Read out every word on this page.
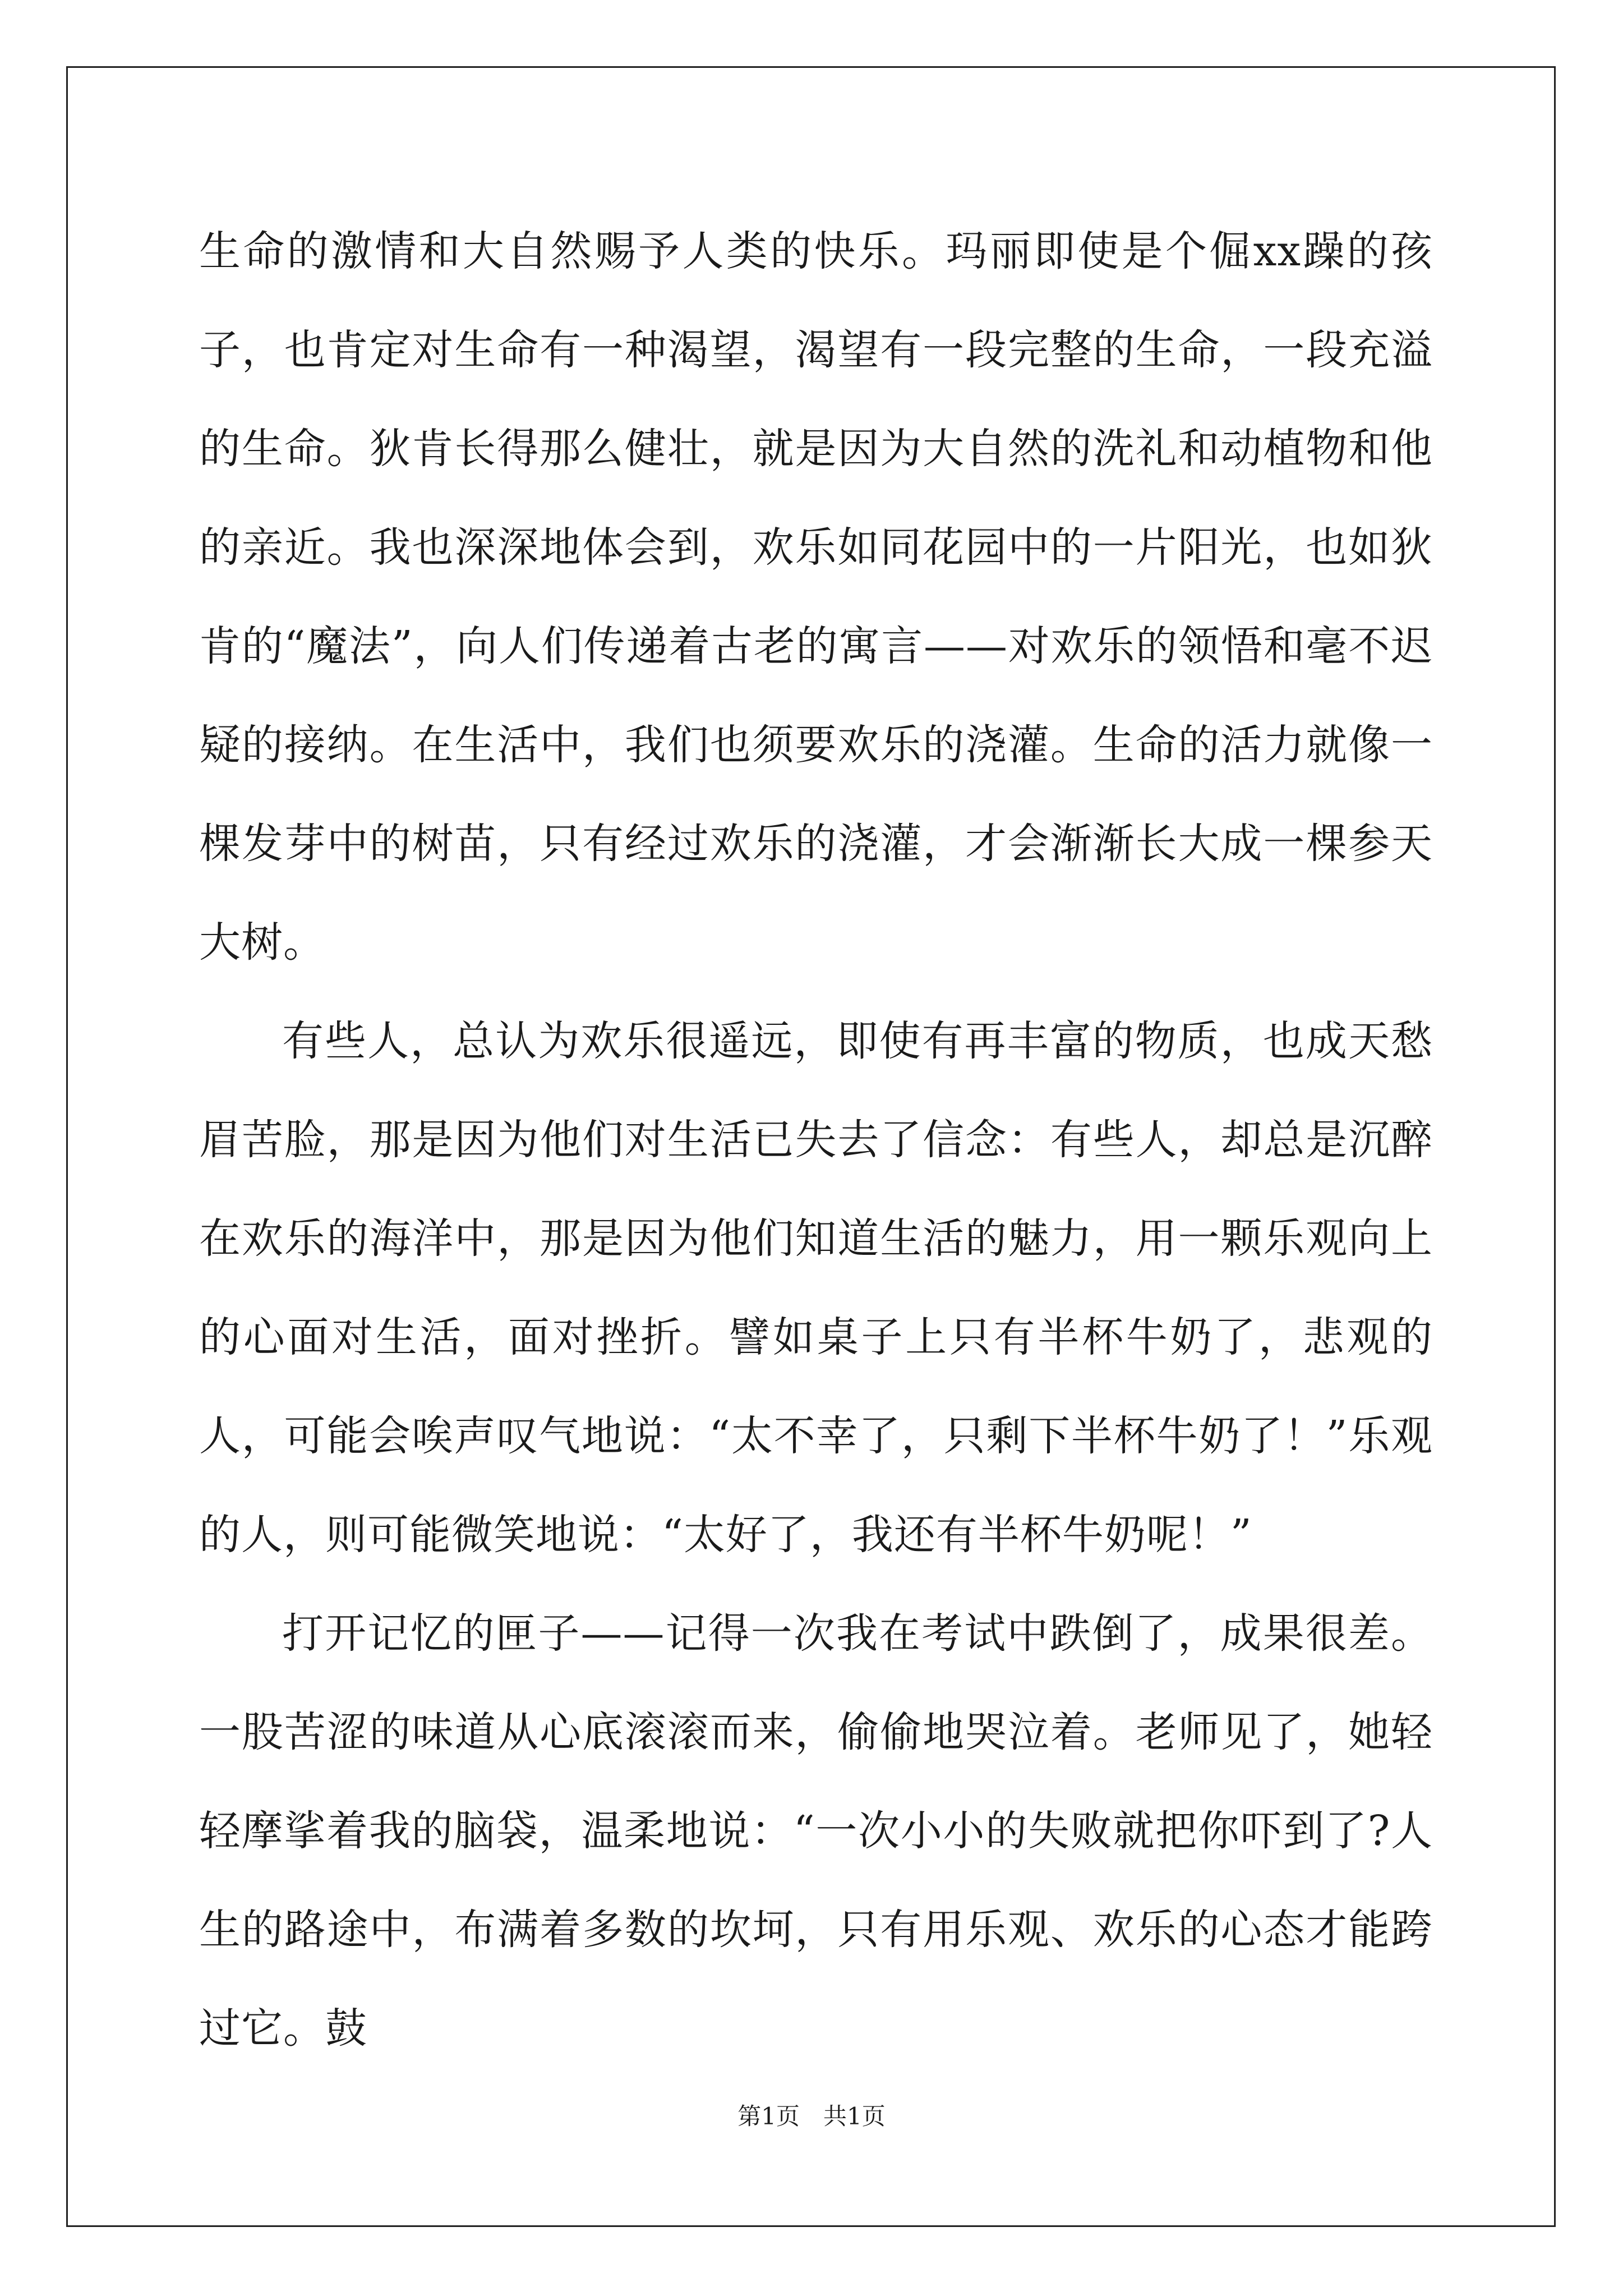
生命的激情和大自然赐予人类的快乐。玛丽即使是个倔xx躁的孩子，也肯定对生命有一种渴望，渴望有一段完整的生命，一段充溢的生命。狄肯长得那么健壮，就是因为大自然的洗礼和动植物和他的亲近。我也深深地体会到，欢乐如同花园中的一片阳光，也如狄肯的“魔法”，向人们传递着古老的寓言——对欢乐的领悟和毫不迟疑的接纳。在生活中，我们也须要欢乐的浇灌。生命的活力就像一棵发芽中的树苗，只有经过欢乐的浇灌，才会渐渐长大成一棵参天大树。

有些人，总认为欢乐很遥远，即使有再丰富的物质，也成天愁眉苦脸，那是因为他们对生活已失去了信念：有些人，却总是沉醉在欢乐的海洋中，那是因为他们知道生活的魅力，用一颗乐观向上的心面对生活，面对挫折。譬如桌子上只有半杯牛奶了，悲观的人，可能会唉声叹气地说：“太不幸了，只剩下半杯牛奶了！”乐观的人，则可能微笑地说：“太好了，我还有半杯牛奶呢！”

打开记忆的匣子——记得一次我在考试中跌倒了，成果很差。一股苦涩的味道从心底滚滚而来，偷偷地哭泣着。老师见了，她轻轻摩挲着我的脑袋，温柔地说：“一次小小的失败就把你吓到了?人生的路途中，布满着多数的坎坷，只有用乐观、欢乐的心态才能跨过它。鼓

第1页　共1页
